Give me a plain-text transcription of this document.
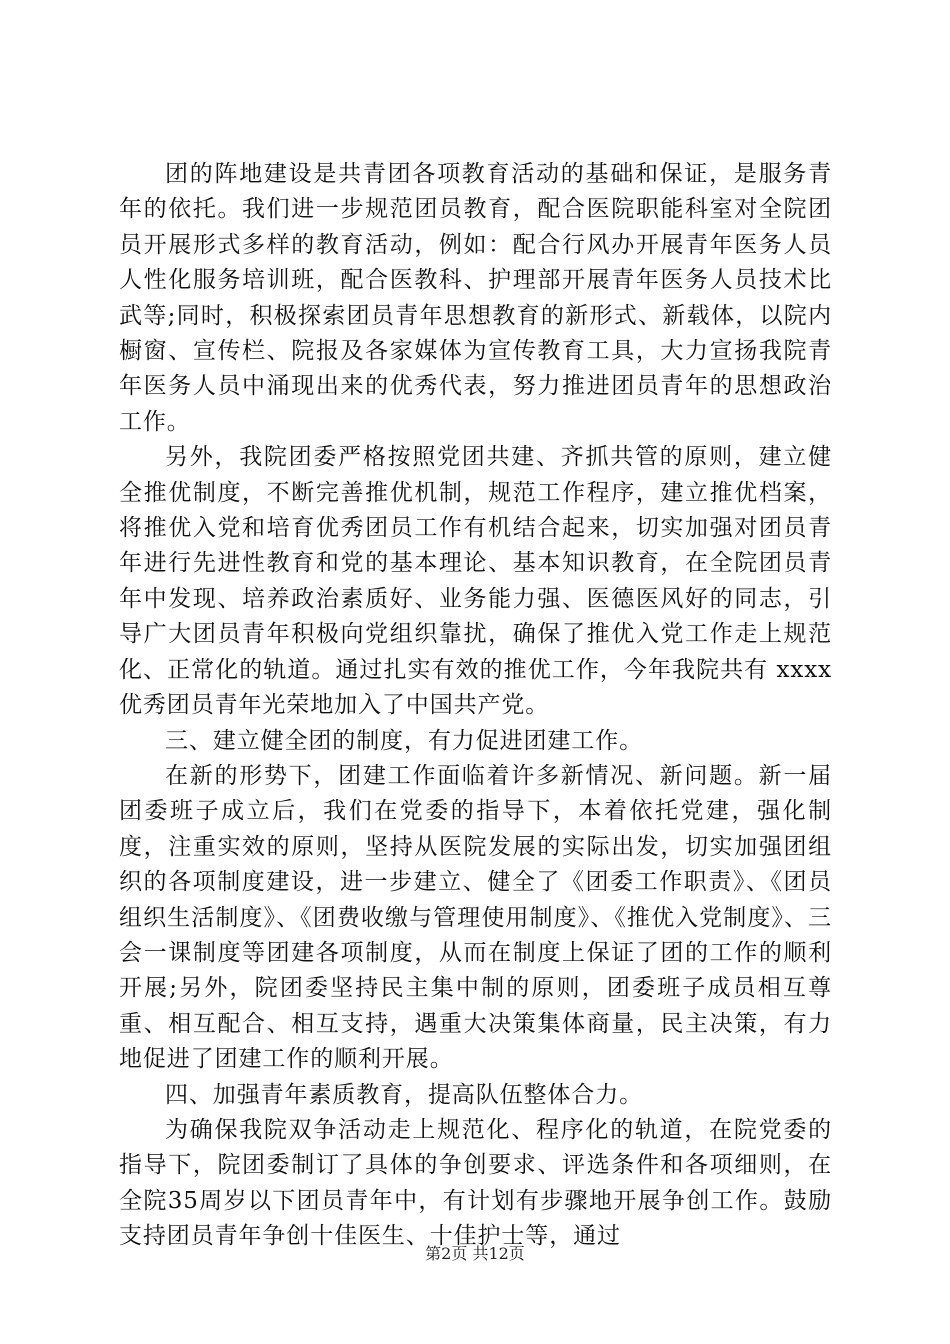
团的阵地建设是共青团各项教育活动的基础和保证，是服务青年的依托。我们进一步规范团员教育，配合医院职能科室对全院团员开展形式多样的教育活动，例如：配合行风办开展青年医务人员人性化服务培训班，配合医教科、护理部开展青年医务人员技术比武等;同时，积极探索团员青年思想教育的新形式、新载体，以院内橱窗、宣传栏、院报及各家媒体为宣传教育工具，大力宣扬我院青年医务人员中涌现出来的优秀代表，努力推进团员青年的思想政治工作。

另外，我院团委严格按照党团共建、齐抓共管的原则，建立健全推优制度，不断完善推优机制，规范工作程序，建立推优档案，将推优入党和培育优秀团员工作有机结合起来，切实加强对团员青年进行先进性教育和党的基本理论、基本知识教育，在全院团员青年中发现、培养政治素质好、业务能力强、医德医风好的同志，引导广大团员青年积极向党组织靠扰，确保了推优入党工作走上规范化、正常化的轨道。通过扎实有效的推优工作，今年我院共有 xxxx 优秀团员青年光荣地加入了中国共产党。

三、建立健全团的制度，有力促进团建工作。

在新的形势下，团建工作面临着许多新情况、新问题。新一届团委班子成立后，我们在党委的指导下，本着依托党建，强化制度，注重实效的原则，坚持从医院发展的实际出发，切实加强团组织的各项制度建设，进一步建立、健全了《团委工作职责》、《团员组织生活制度》、《团费收缴与管理使用制度》、《推优入党制度》、三会一课制度等团建各项制度，从而在制度上保证了团的工作的顺利开展;另外，院团委坚持民主集中制的原则，团委班子成员相互尊重、相互配合、相互支持，遇重大决策集体商量，民主决策，有力地促进了团建工作的顺利开展。

四、加强青年素质教育，提高队伍整体合力。

为确保我院双争活动走上规范化、程序化的轨道，在院党委的指导下，院团委制订了具体的争创要求、评选条件和各项细则，在全院35周岁以下团员青年中，有计划有步骤地开展争创工作。鼓励支持团员青年争创十佳医生、十佳护士等，通过

第2页 共12页
